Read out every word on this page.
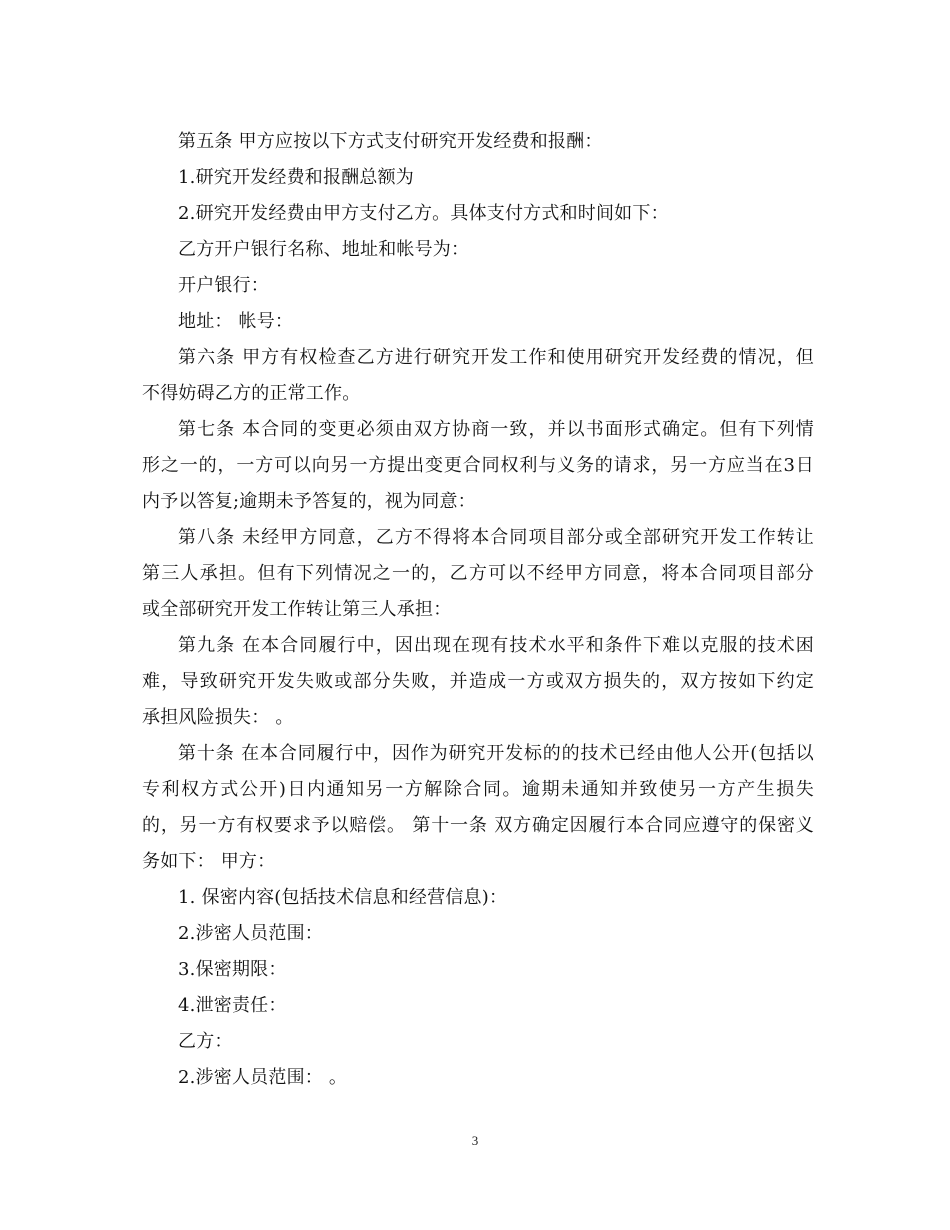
第五条 甲方应按以下方式支付研究开发经费和报酬：
1.研究开发经费和报酬总额为
2.研究开发经费由甲方支付乙方。具体支付方式和时间如下：
乙方开户银行名称、地址和帐号为：
开户银行：
地址： 帐号：
第六条 甲方有权检查乙方进行研究开发工作和使用研究开发经费的情况，但
不得妨碍乙方的正常工作。
第七条 本合同的变更必须由双方协商一致，并以书面形式确定。但有下列情
形之一的，一方可以向另一方提出变更合同权利与义务的请求，另一方应当在3日
内予以答复;逾期未予答复的，视为同意：
第八条 未经甲方同意，乙方不得将本合同项目部分或全部研究开发工作转让
第三人承担。但有下列情况之一的，乙方可以不经甲方同意，将本合同项目部分
或全部研究开发工作转让第三人承担：
第九条 在本合同履行中，因出现在现有技术水平和条件下难以克服的技术困
难，导致研究开发失败或部分失败，并造成一方或双方损失的，双方按如下约定
承担风险损失： 。
第十条 在本合同履行中，因作为研究开发标的的技术已经由他人公开(包括以
专利权方式公开)日内通知另一方解除合同。逾期未通知并致使另一方产生损失
的，另一方有权要求予以赔偿。 第十一条 双方确定因履行本合同应遵守的保密义
务如下： 甲方：
1. 保密内容(包括技术信息和经营信息)：
2.涉密人员范围：
3.保密期限：
4.泄密责任：
乙方：
2.涉密人员范围： 。
3
